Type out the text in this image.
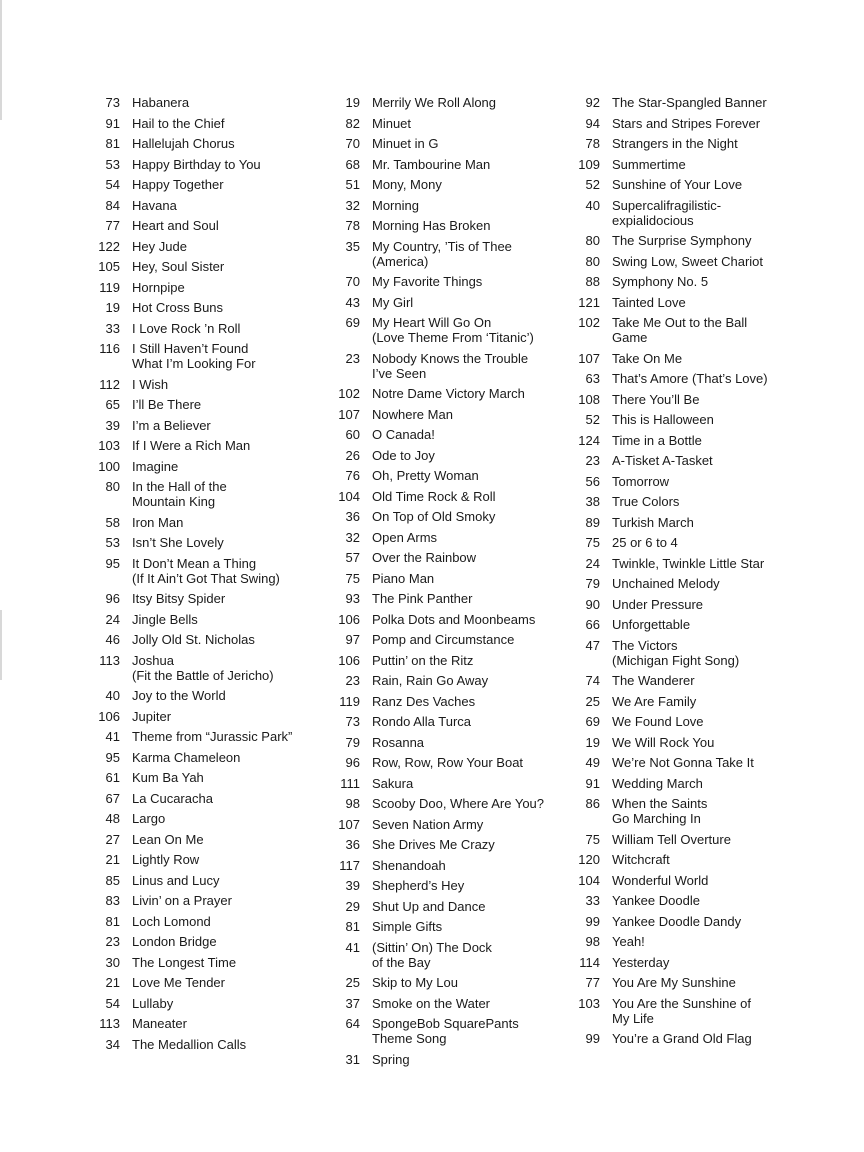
73 Habanera
91 Hail to the Chief
81 Hallelujah Chorus
53 Happy Birthday to You
54 Happy Together
84 Havana
77 Heart and Soul
122 Hey Jude
105 Hey, Soul Sister
119 Hornpipe
19 Hot Cross Buns
33 I Love Rock ’n Roll
116 I Still Haven’t Found
What I’m Looking For
112 I Wish
65 I’ll Be There
39 I’m a Believer
103 If I Were a Rich Man
100 Imagine
80 In the Hall of the
Mountain King
58 Iron Man
53 Isn’t She Lovely
95 It Don’t Mean a Thing
(If It Ain’t Got That Swing)
96 Itsy Bitsy Spider
24 Jingle Bells
46 Jolly Old St. Nicholas
113 Joshua
(Fit the Battle of Jericho)
40 Joy to the World
106 Jupiter
41 Theme from “Jurassic Park”
95 Karma Chameleon
61 Kum Ba Yah
67 La Cucaracha
48 Largo
27 Lean On Me
21 Lightly Row
85 Linus and Lucy
83 Livin’ on a Prayer
81 Loch Lomond
23 London Bridge
30 The Longest Time
21 Love Me Tender
54 Lullaby
113 Maneater
34 The Medallion Calls
19 Merrily We Roll Along
82 Minuet
70 Minuet in G
68 Mr. Tambourine Man
51 Mony, Mony
32 Morning
78 Morning Has Broken
35 My Country, ’Tis of Thee
(America)
70 My Favorite Things
43 My Girl
69 My Heart Will Go On
(Love Theme From ‘Titanic’)
23 Nobody Knows the Trouble
I’ve Seen
102 Notre Dame Victory March
107 Nowhere Man
60 O Canada!
26 Ode to Joy
76 Oh, Pretty Woman
104 Old Time Rock & Roll
36 On Top of Old Smoky
32 Open Arms
57 Over the Rainbow
75 Piano Man
93 The Pink Panther
106 Polka Dots and Moonbeams
97 Pomp and Circumstance
106 Puttin’ on the Ritz
23 Rain, Rain Go Away
119 Ranz Des Vaches
73 Rondo Alla Turca
79 Rosanna
96 Row, Row, Row Your Boat
111 Sakura
98 Scooby Doo, Where Are You?
107 Seven Nation Army
36 She Drives Me Crazy
117 Shenandoah
39 Shepherd’s Hey
29 Shut Up and Dance
81 Simple Gifts
41 (Sittin’ On) The Dock
of the Bay
25 Skip to My Lou
37 Smoke on the Water
64 SpongeBob SquarePants
Theme Song
31 Spring
92 The Star-Spangled Banner
94 Stars and Stripes Forever
78 Strangers in the Night
109 Summertime
52 Sunshine of Your Love
40 Supercalifragilistic-
expialidocious
80 The Surprise Symphony
80 Swing Low, Sweet Chariot
88 Symphony No. 5
121 Tainted Love
102 Take Me Out to the Ball
Game
107 Take On Me
63 That’s Amore (That’s Love)
108 There You’ll Be
52 This is Halloween
124 Time in a Bottle
23 A-Tisket A-Tasket
56 Tomorrow
38 True Colors
89 Turkish March
75 25 or 6 to 4
24 Twinkle, Twinkle Little Star
79 Unchained Melody
90 Under Pressure
66 Unforgettable
47 The Victors
(Michigan Fight Song)
74 The Wanderer
25 We Are Family
69 We Found Love
19 We Will Rock You
49 We’re Not Gonna Take It
91 Wedding March
86 When the Saints
Go Marching In
75 William Tell Overture
120 Witchcraft
104 Wonderful World
33 Yankee Doodle
99 Yankee Doodle Dandy
98 Yeah!
114 Yesterday
77 You Are My Sunshine
103 You Are the Sunshine of
My Life
99 You’re a Grand Old Flag
